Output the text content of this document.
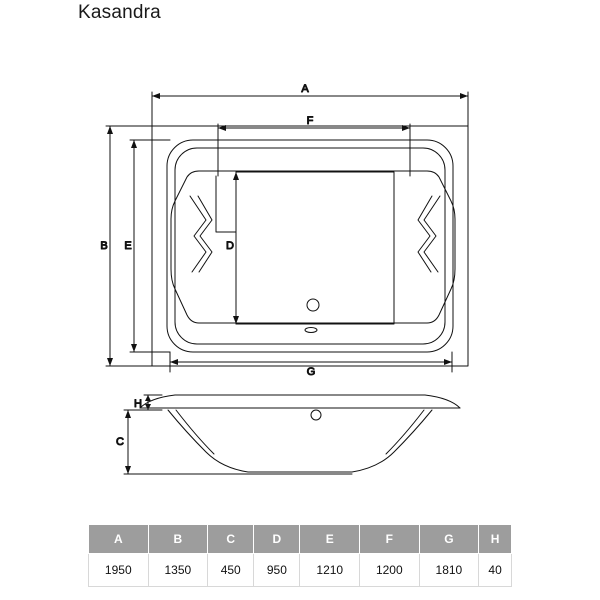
Kasandra
A
F
B E	D
G
H
C
A	B	C	D	E	F	G	H
1950	1350	450	950	1210	1200	1810	40
